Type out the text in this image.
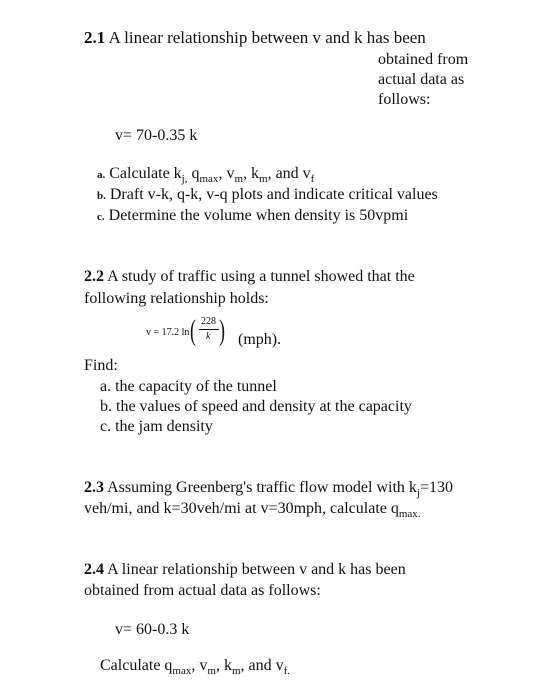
2.1 A linear relationship between v and k has been
obtained from
actual data as
follows:
v= 70-0.35 k
a. Calculate $k_{j,}$ $q_{max}$, $v_m$, $k_m$, and $v_f$
b. Draft v-k, q-k, v-q plots and indicate critical values
c. Determine the volume when density is 50vpmi
2.2 A study of traffic using a tunnel showed that the
following relationship holds:
v = 17.2 ln ( 228
k ) (mph).
Find:
a. the capacity of the tunnel
b. the values of speed and density at the capacity
c. the jam density
2.3 Assuming Greenberg's traffic flow model with $k_j=130$
veh/mi, and k=30veh/mi at v=30mph, calculate $q_{max.}$
2.4 A linear relationship between v and k has been
obtained from actual data as follows:
v= 60-0.3 k
Calculate $q_{max}$, $v_m$, $k_m$, and $v_{f.}$
